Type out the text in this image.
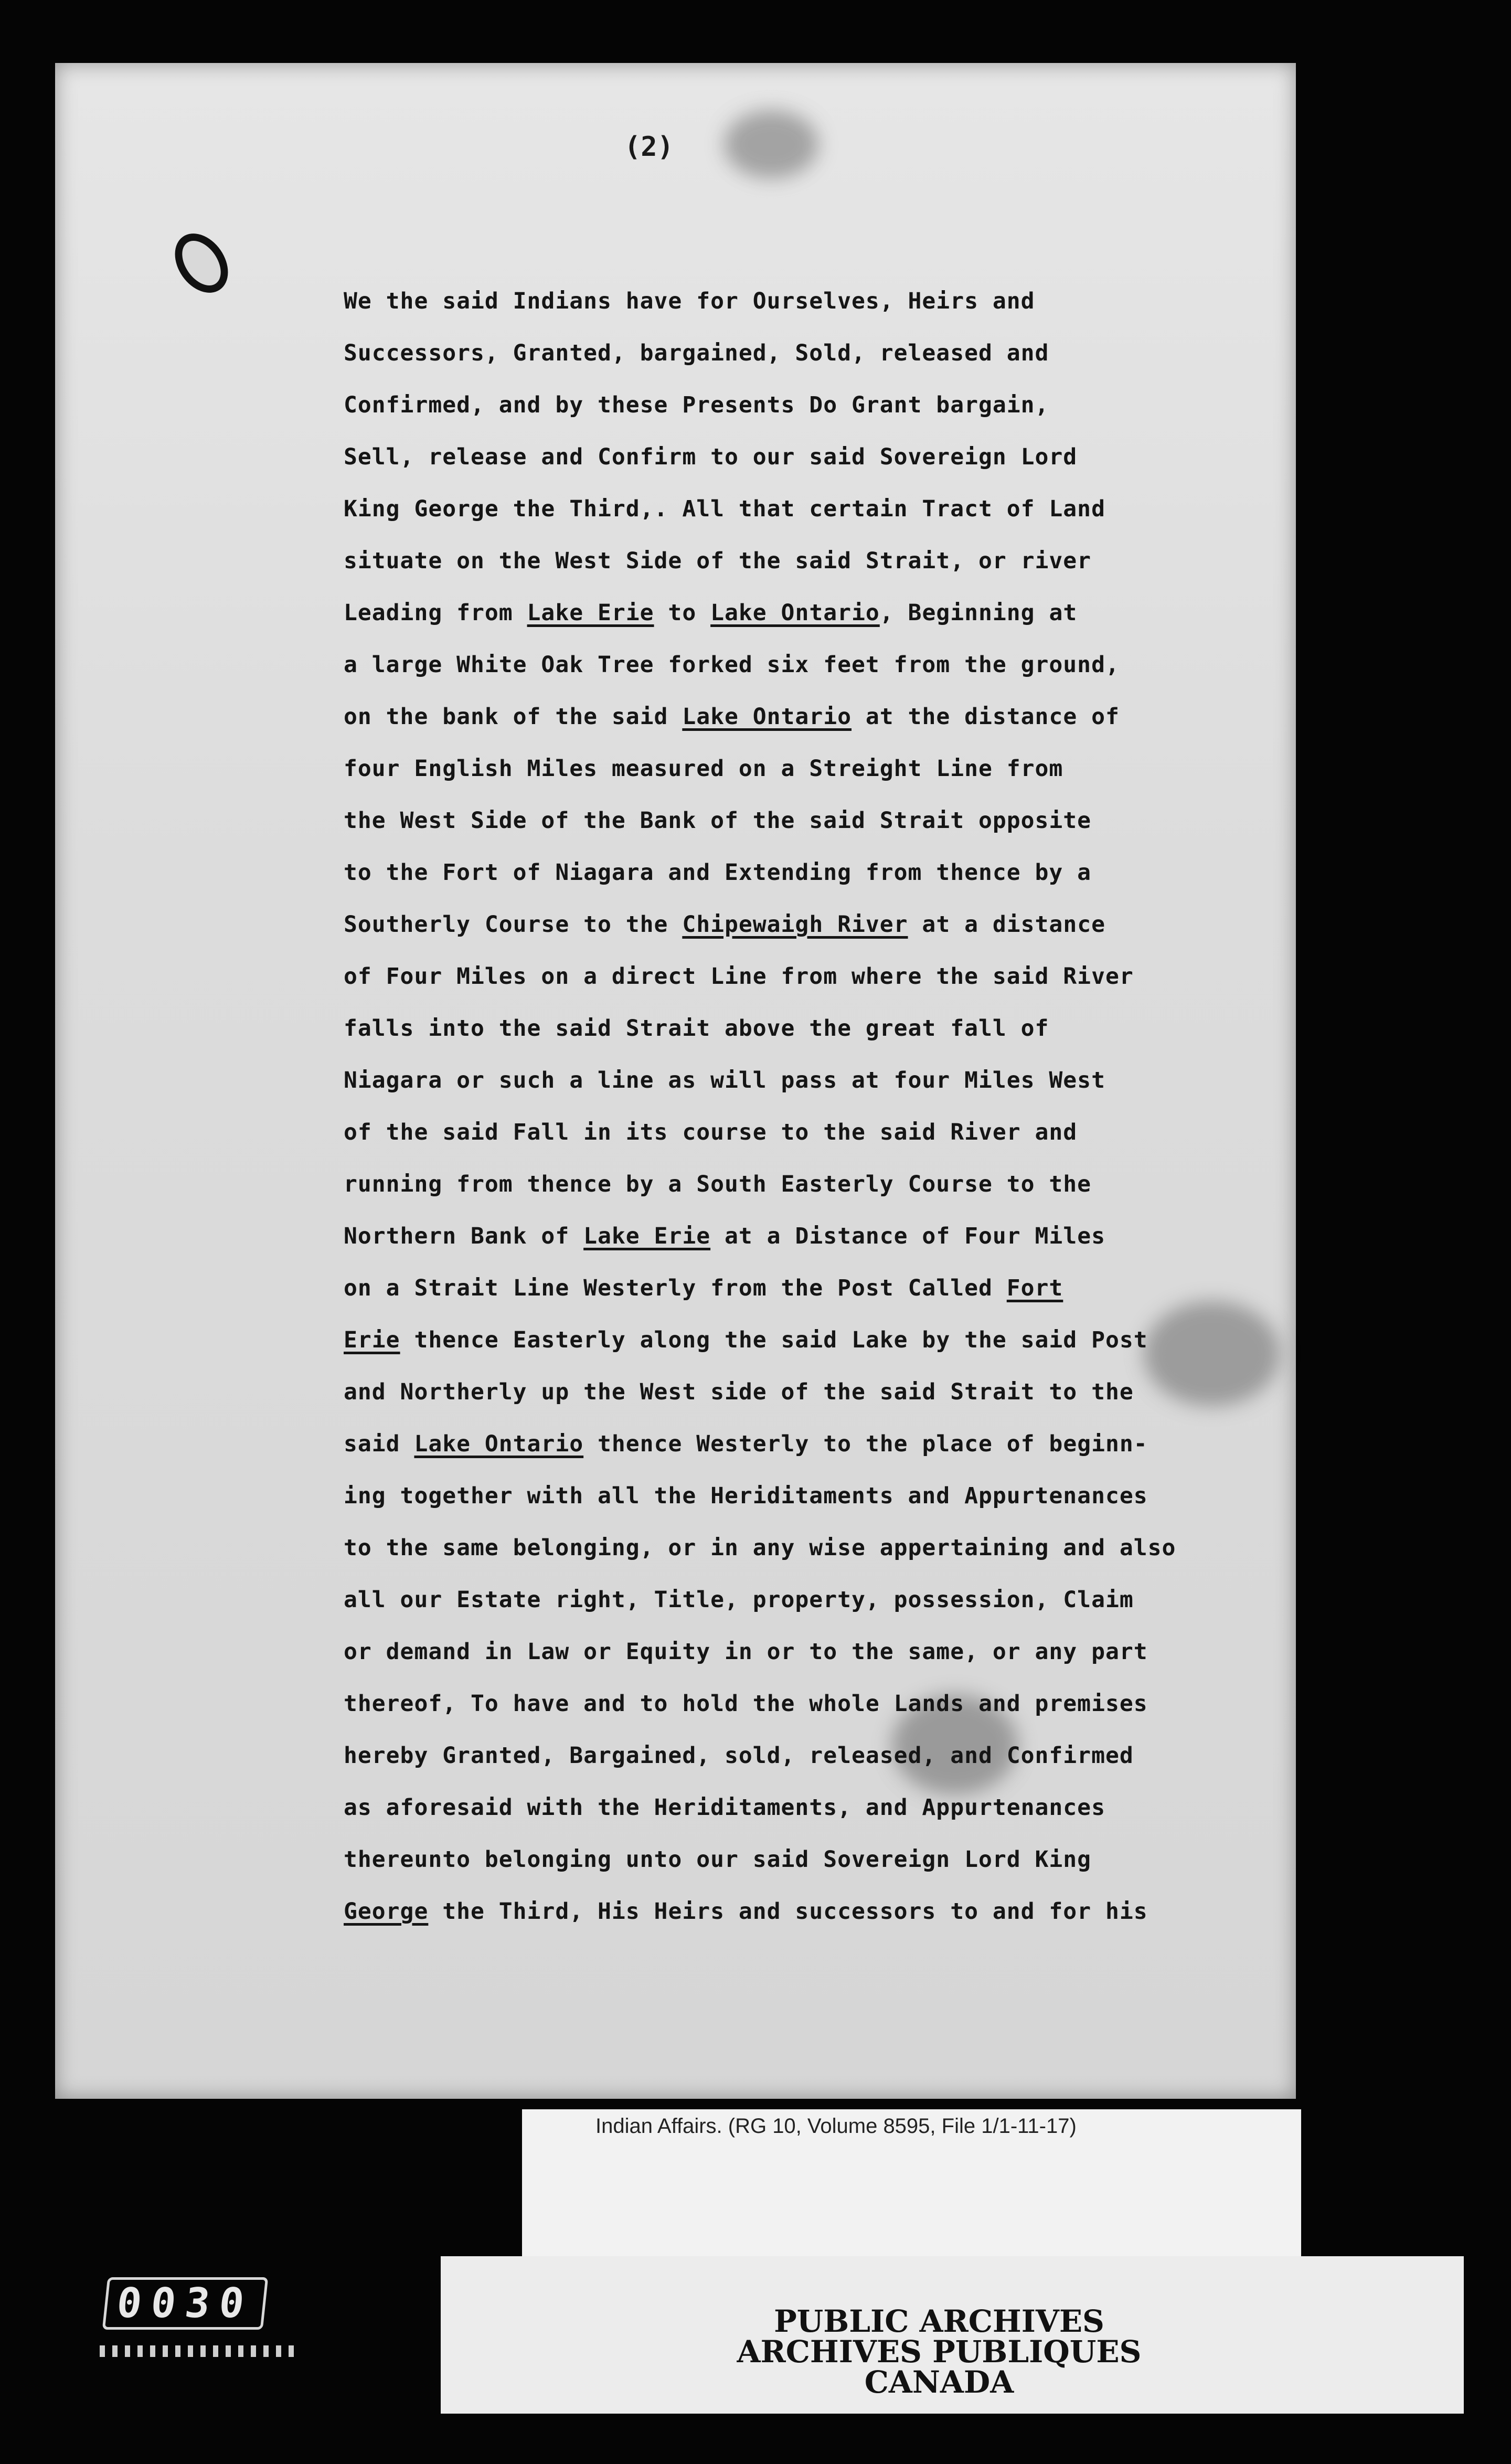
(2)
We the said Indians have for Ourselves, Heirs and
Successors, Granted, bargained, Sold, released and
Confirmed, and by these Presents Do Grant bargain,
Sell, release and Confirm to our said Sovereign Lord
King George the Third,. All that certain Tract of Land
situate on the West Side of the said Strait, or river
Leading from Lake Erie to Lake Ontario, Beginning at
a large White Oak Tree forked six feet from the ground,
on the bank of the said Lake Ontario at the distance of
four English Miles measured on a Streight Line from
the West Side of the Bank of the said Strait opposite
to the Fort of Niagara and Extending from thence by a
Southerly Course to the Chipewaigh River at a distance
of Four Miles on a direct Line from where the said River
falls into the said Strait above the great fall of
Niagara or such a line as will pass at four Miles West
of the said Fall in its course to the said River and
running from thence by a South Easterly Course to the
Northern Bank of Lake Erie at a Distance of Four Miles
on a Strait Line Westerly from the Post Called Fort
Erie thence Easterly along the said Lake by the said Post
and Northerly up the West side of the said Strait to the
said Lake Ontario thence Westerly to the place of beginn-
ing together with all the Heriditaments and Appurtenances
to the same belonging, or in any wise appertaining and also
all our Estate right, Title, property, possession, Claim
or demand in Law or Equity in or to the same, or any part
thereof, To have and to hold the whole Lands and premises
hereby Granted, Bargained, sold, released, and Confirmed
as aforesaid with the Heriditaments, and Appurtenances
thereunto belonging unto our said Sovereign Lord King
George the Third, His Heirs and successors to and for his
Indian Affairs. (RG 10, Volume 8595, File 1/1-11-17)
PUBLIC ARCHIVES
ARCHIVES PUBLIQUES
CANADA
0030
